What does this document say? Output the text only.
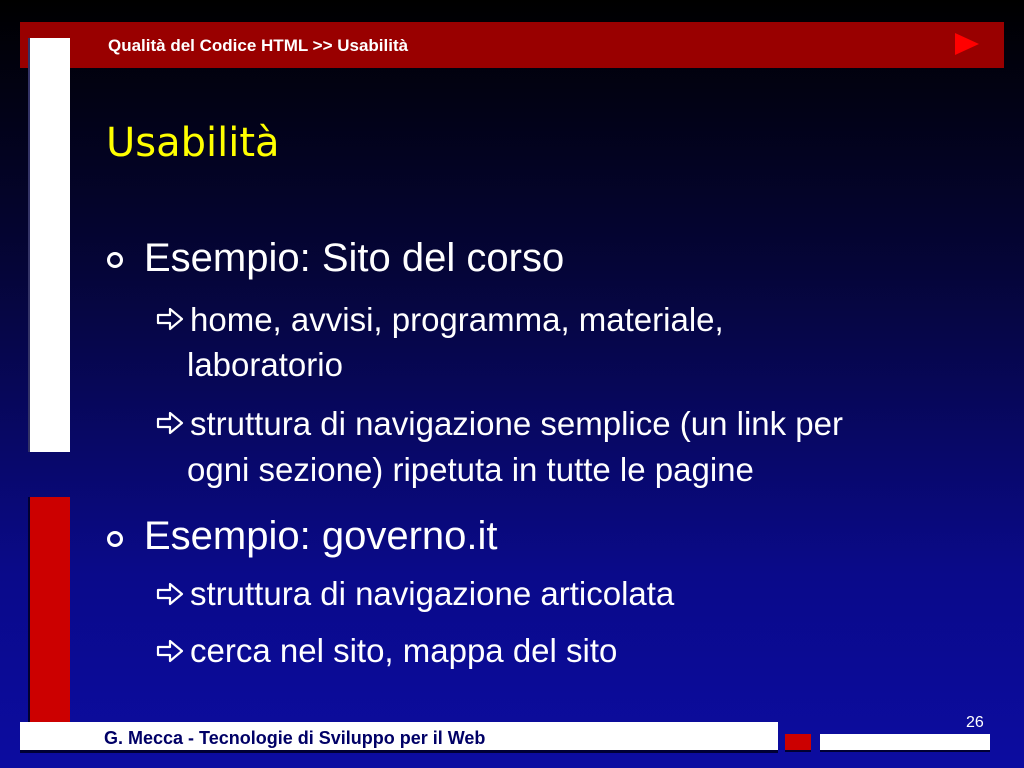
Qualità del Codice HTML >> Usabilità
Usabilità
Esempio: Sito del corso
home, avvisi, programma, materiale,
laboratorio
struttura di navigazione semplice (un link per
ogni sezione) ripetuta in tutte le pagine
Esempio: governo.it
struttura di navigazione articolata
cerca nel sito, mappa del sito
G. Mecca - Tecnologie di Sviluppo per il Web
26
